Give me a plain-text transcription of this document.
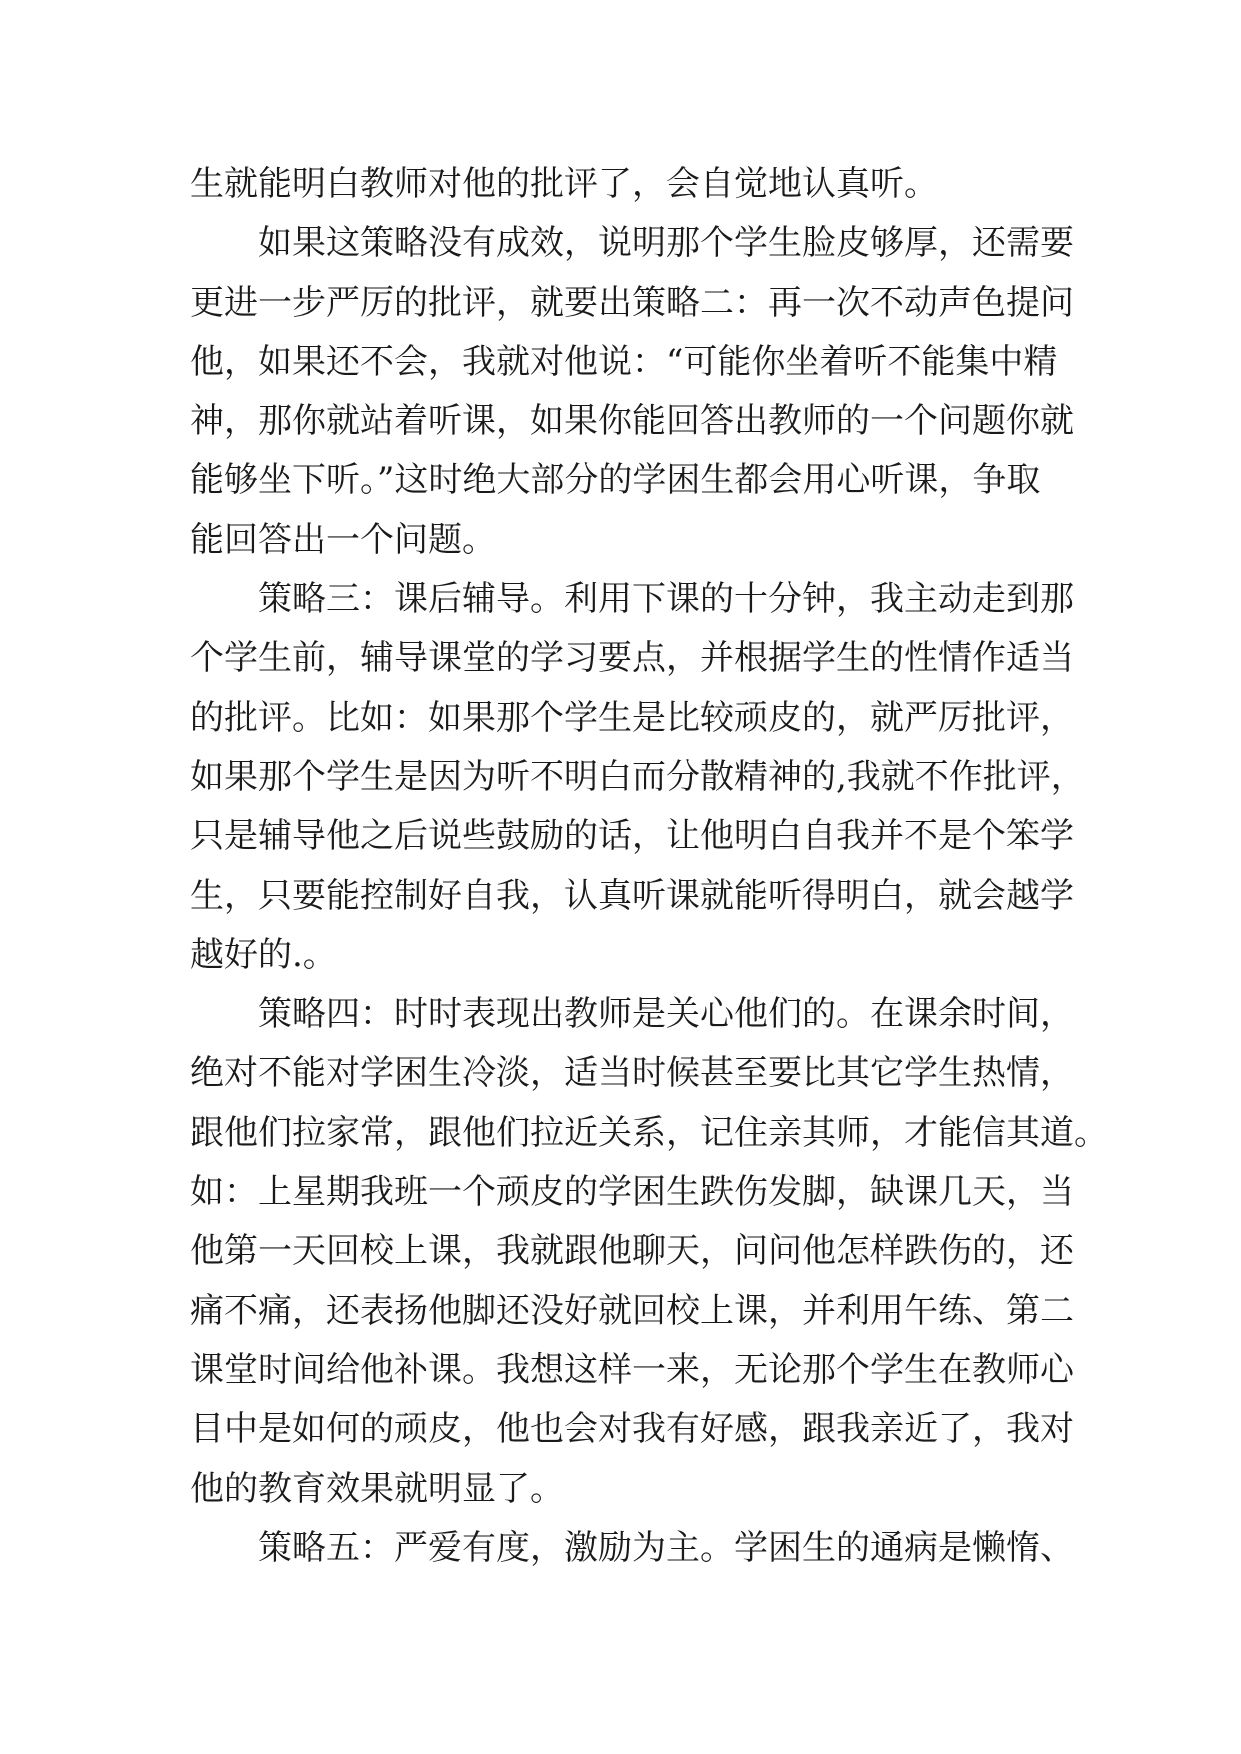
生就能明白教师对他的批评了，会自觉地认真听。
如果这策略没有成效，说明那个学生脸皮够厚，还需要
更进一步严厉的批评，就要出策略二：再一次不动声色提问
他，如果还不会，我就对他说：“可能你坐着听不能集中精
神，那你就站着听课，如果你能回答出教师的一个问题你就
能够坐下听。”这时绝大部分的学困生都会用心听课，争取
能回答出一个问题。
策略三：课后辅导。利用下课的十分钟，我主动走到那
个学生前，辅导课堂的学习要点，并根据学生的性情作适当
的批评。比如：如果那个学生是比较顽皮的，就严厉批评，
如果那个学生是因为听不明白而分散精神的,我就不作批评，
只是辅导他之后说些鼓励的话，让他明白自我并不是个笨学
生，只要能控制好自我，认真听课就能听得明白，就会越学
越好的.。
策略四：时时表现出教师是关心他们的。在课余时间，
绝对不能对学困生冷淡，适当时候甚至要比其它学生热情，
跟他们拉家常，跟他们拉近关系，记住亲其师，才能信其道。
如：上星期我班一个顽皮的学困生跌伤发脚，缺课几天，当
他第一天回校上课，我就跟他聊天，问问他怎样跌伤的，还
痛不痛，还表扬他脚还没好就回校上课，并利用午练、第二
课堂时间给他补课。我想这样一来，无论那个学生在教师心
目中是如何的顽皮，他也会对我有好感，跟我亲近了，我对
他的教育效果就明显了。
策略五：严爱有度，激励为主。学困生的通病是懒惰、
